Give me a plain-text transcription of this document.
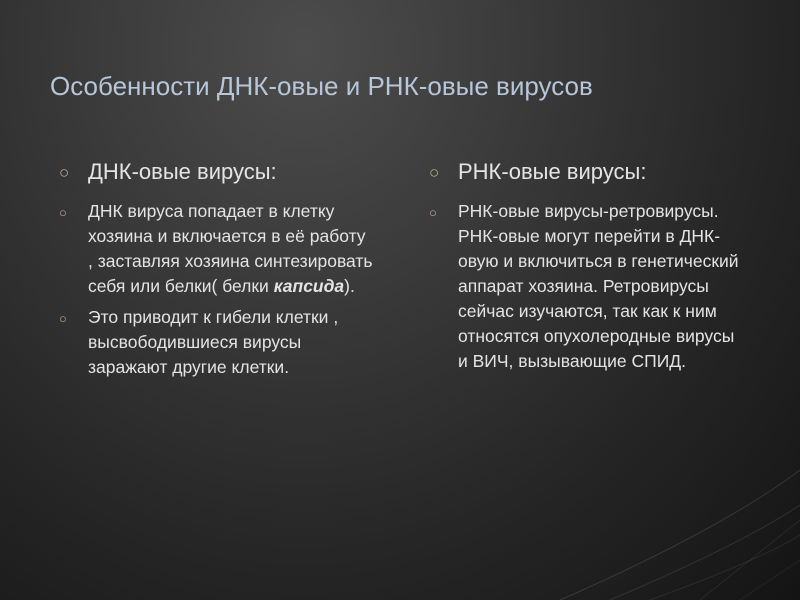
Особенности ДНК-овые и РНК-овые вирусов
○ ДНК-овые вирусы:
○ ДНК вируса попадает в клетку хозяина и включается в её работу , заставляя хозяина синтезировать себя или белки( белки капсида).
○ Это приводит к гибели клетки , высвободившиеся вирусы заражают другие клетки.
○ РНК-овые вирусы:
○ РНК-овые вирусы-ретровирусы. РНК-овые могут перейти в ДНК-овую и включиться в генетический аппарат хозяина. Ретровирусы сейчас изучаются, так как к ним относятся опухолеродные вирусы и ВИЧ, вызывающие СПИД.
